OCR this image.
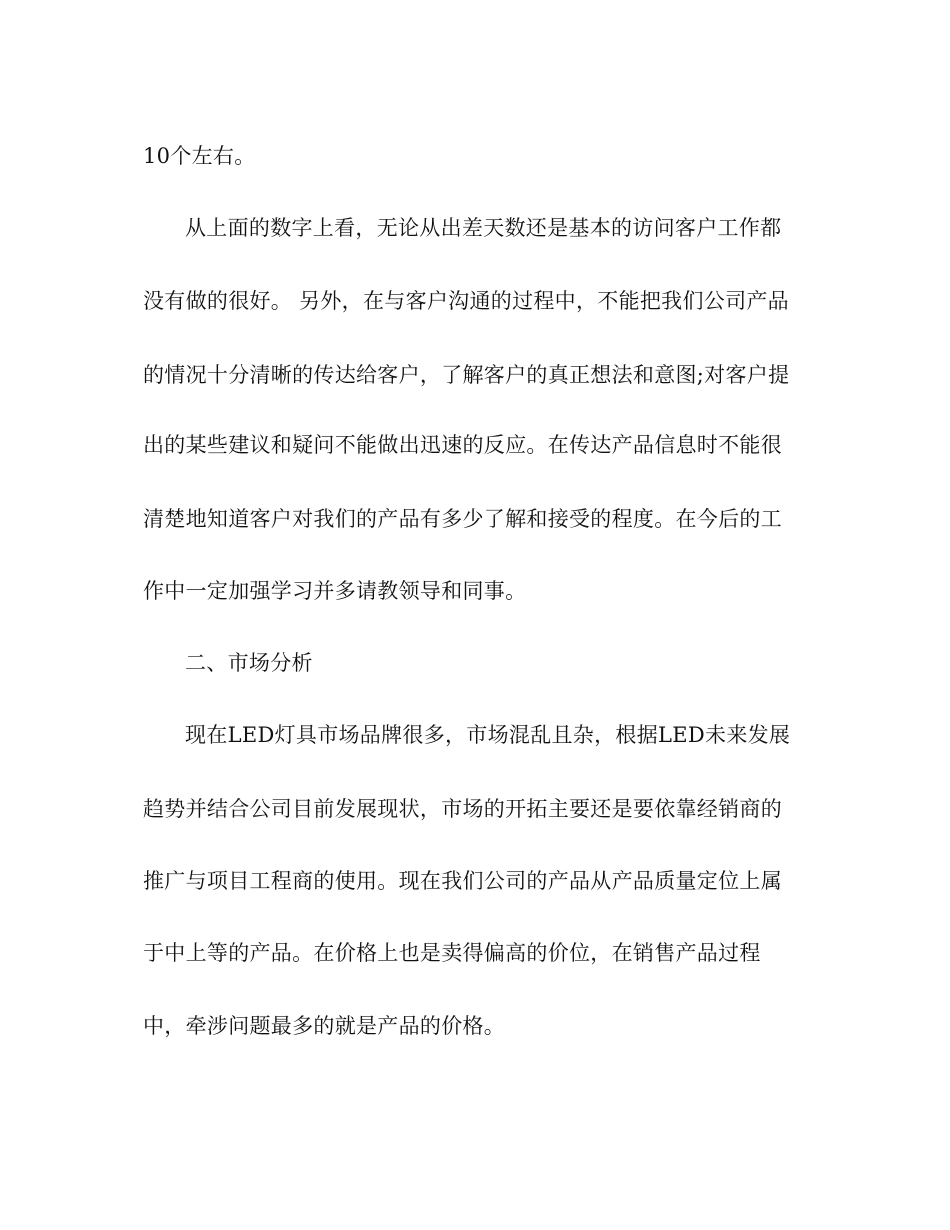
10个左右。
从上面的数字上看，无论从出差天数还是基本的访问客户工作都
没有做的很好。 另外，在与客户沟通的过程中，不能把我们公司产品
的情况十分清晰的传达给客户，了解客户的真正想法和意图;对客户提
出的某些建议和疑问不能做出迅速的反应。在传达产品信息时不能很
清楚地知道客户对我们的产品有多少了解和接受的程度。在今后的工
作中一定加强学习并多请教领导和同事。
二、市场分析
现在LED灯具市场品牌很多，市场混乱且杂，根据LED未来发展
趋势并结合公司目前发展现状，市场的开拓主要还是要依靠经销商的
推广与项目工程商的使用。现在我们公司的产品从产品质量定位上属
于中上等的产品。在价格上也是卖得偏高的价位，在销售产品过程
中，牵涉问题最多的就是产品的价格。
